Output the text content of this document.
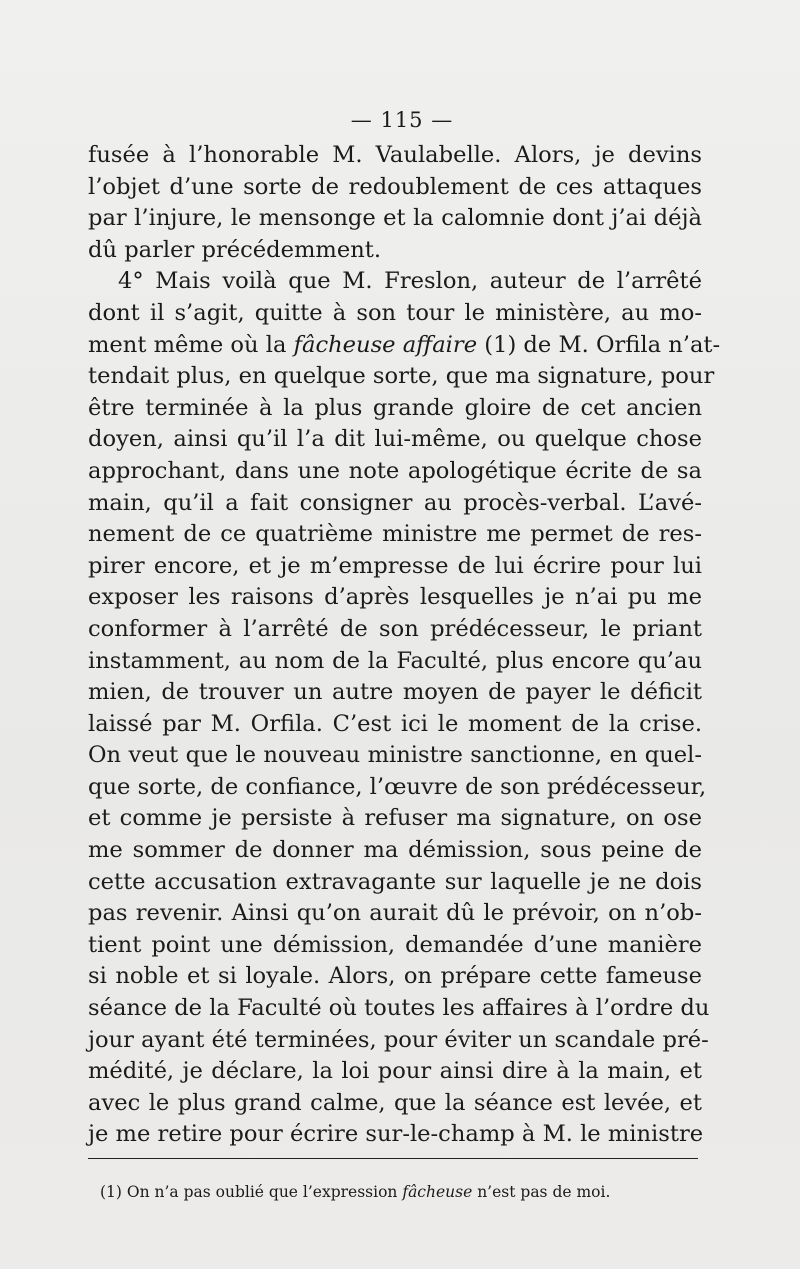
— 115 —
fusée à l’honorable M. Vaulabelle. Alors, je devins
l’objet d’une sorte de redoublement de ces attaques
par l’injure, le mensonge et la calomnie dont j’ai déjà
dû parler précédemment.
4° Mais voilà que M. Freslon, auteur de l’arrêté
dont il s’agit, quitte à son tour le ministère, au mo-
ment même où la fâcheuse affaire (1) de M. Orfila n’at-
tendait plus, en quelque sorte, que ma signature, pour
être terminée à la plus grande gloire de cet ancien
doyen, ainsi qu’il l’a dit lui-même, ou quelque chose
approchant, dans une note apologétique écrite de sa
main, qu’il a fait consigner au procès-verbal. L’avé-
nement de ce quatrième ministre me permet de res-
pirer encore, et je m’empresse de lui écrire pour lui
exposer les raisons d’après lesquelles je n’ai pu me
conformer à l’arrêté de son prédécesseur, le priant
instamment, au nom de la Faculté, plus encore qu’au
mien, de trouver un autre moyen de payer le déficit
laissé par M. Orfila. C’est ici le moment de la crise.
On veut que le nouveau ministre sanctionne, en quel-
que sorte, de confiance, l’œuvre de son prédécesseur,
et comme je persiste à refuser ma signature, on ose
me sommer de donner ma démission, sous peine de
cette accusation extravagante sur laquelle je ne dois
pas revenir. Ainsi qu’on aurait dû le prévoir, on n’ob-
tient point une démission, demandée d’une manière
si noble et si loyale. Alors, on prépare cette fameuse
séance de la Faculté où toutes les affaires à l’ordre du
jour ayant été terminées, pour éviter un scandale pré-
médité, je déclare, la loi pour ainsi dire à la main, et
avec le plus grand calme, que la séance est levée, et
je me retire pour écrire sur-le-champ à M. le ministre
(1) On n’a pas oublié que l’expression fâcheuse n’est pas de moi.
